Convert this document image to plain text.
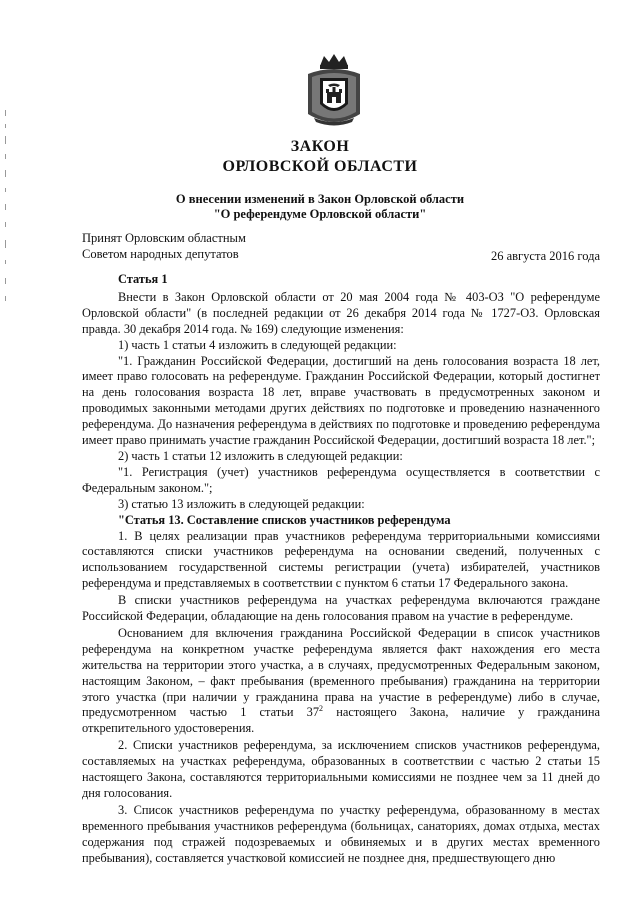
ЗАКОН
ОРЛОВСКОЙ ОБЛАСТИ
О внесении изменений в Закон Орловской области
"О референдуме Орловской области"
Принят Орловским областным
Советом народных депутатов	26 августа 2016 года
Статья 1

Внести в Закон Орловской области от 20 мая 2004 года № 403-ОЗ "О референдуме Орловской области" (в последней редакции от 26 декабря 2014 года № 1727-ОЗ. Орловская правда. 30 декабря 2014 года. № 169) следующие изменения:

1) часть 1 статьи 4 изложить в следующей редакции:

"1. Гражданин Российской Федерации, достигший на день голосования возраста 18 лет, имеет право голосовать на референдуме. Гражданин Российской Федерации, который достигнет на день голосования возраста 18 лет, вправе участвовать в предусмотренных законом и проводимых законными методами других действиях по подготовке и проведению назначенного референдума. До назначения референдума в действиях по подготовке и проведению референдума имеет право принимать участие гражданин Российской Федерации, достигший возраста 18 лет.";

2) часть 1 статьи 12 изложить в следующей редакции:

"1. Регистрация (учет) участников референдума осуществляется в соответствии с Федеральным законом.";

3) статью 13 изложить в следующей редакции:

"Статья 13. Составление списков участников референдума

1. В целях реализации прав участников референдума территориальными комиссиями составляются списки участников референдума на основании сведений, полученных с использованием государственной системы регистрации (учета) избирателей, участников референдума и представляемых в соответствии с пунктом 6 статьи 17 Федерального закона.

В списки участников референдума на участках референдума включаются граждане Российской Федерации, обладающие на день голосования правом на участие в референдуме.

Основанием для включения гражданина Российской Федерации в список участников референдума на конкретном участке референдума является факт нахождения его места жительства на территории этого участка, а в случаях, предусмотренных Федеральным законом, настоящим Законом, – факт пребывания (временного пребывания) гражданина на территории этого участка (при наличии у гражданина права на участие в референдуме) либо в случае, предусмотренном частью 1 статьи $37^2$ настоящего Закона, наличие у гражданина открепительного удостоверения.

2. Списки участников референдума, за исключением списков участников референдума, составляемых на участках референдума, образованных в соответствии с частью 2 статьи 15 настоящего Закона, составляются территориальными комиссиями не позднее чем за 11 дней до дня голосования.

3. Список участников референдума по участку референдума, образованному в местах временного пребывания участников референдума (больницах, санаториях, домах отдыха, местах содержания под стражей подозреваемых и обвиняемых и в других местах временного пребывания), составляется участковой комиссией не позднее дня, предшествующего дню
